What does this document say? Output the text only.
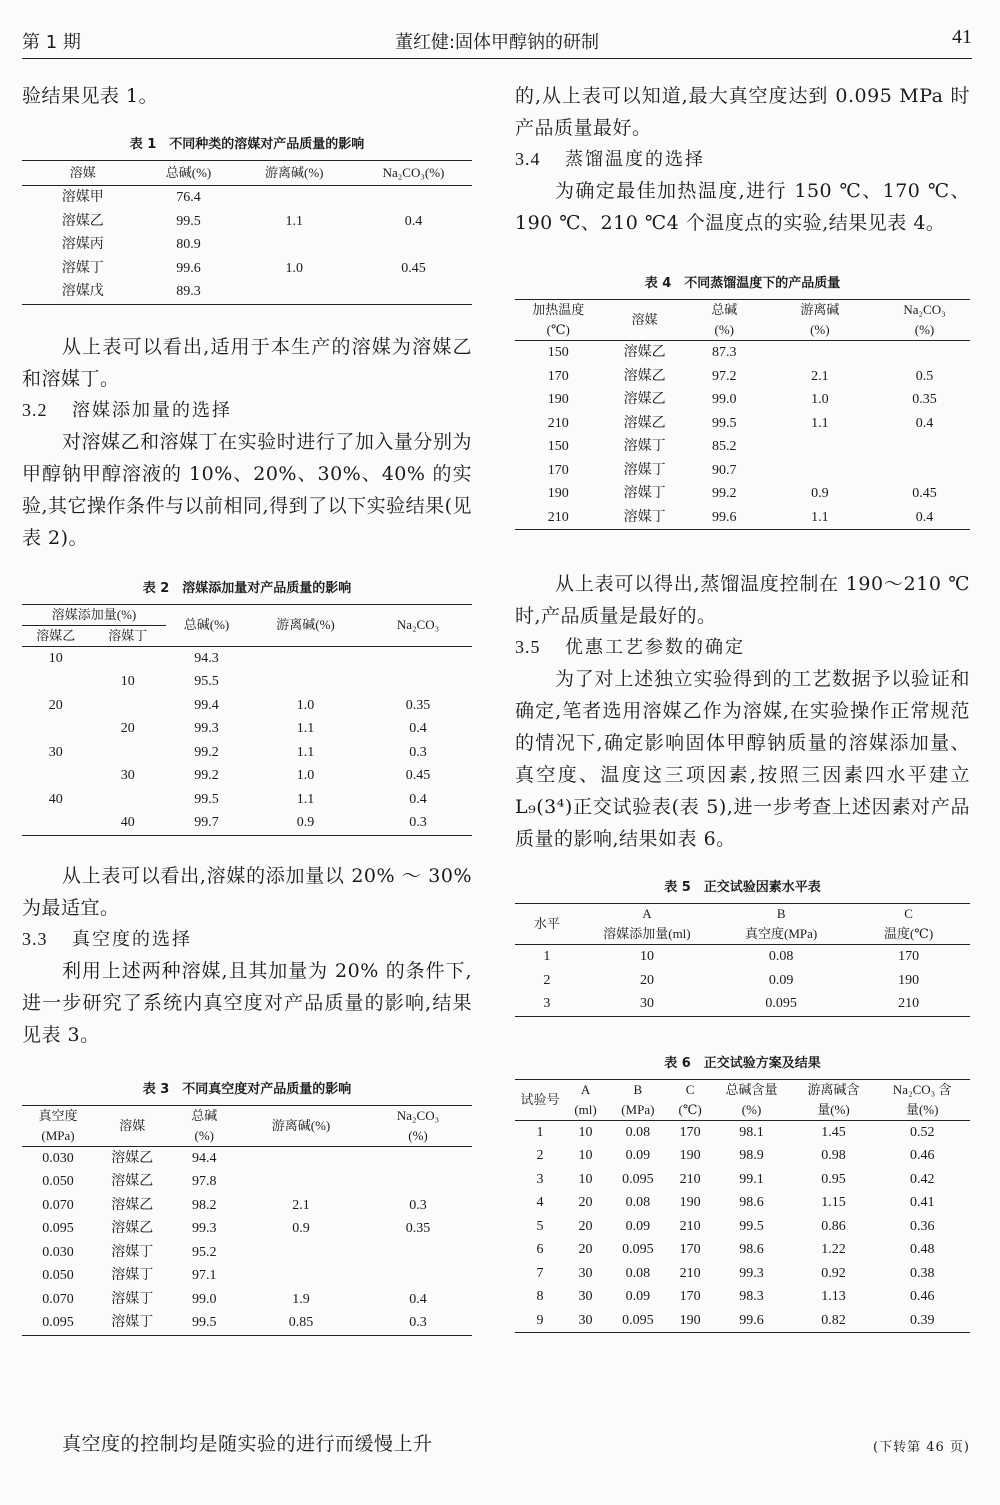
第 1 期	董红健:固体甲醇钠的研制	41

验结果见表 1。

表 1　不同种类的溶媒对产品质量的影响

溶媒	总碱(%)	游离碱(%)	Na₂CO₃(%)
溶媒甲	76.4		
溶媒乙	99.5	1.1	0.4
溶媒丙	80.9		
溶媒丁	99.6	1.0	0.45
溶媒戊	89.3		

从上表可以看出,适用于本生产的溶媒为溶媒乙和溶媒丁。

3.2 溶媒添加量的选择

对溶媒乙和溶媒丁在实验时进行了加入量分别为甲醇钠甲醇溶液的 10%、20%、30%、40% 的实验,其它操作条件与以前相同,得到了以下实验结果(见表 2)。

表 2　溶媒添加量对产品质量的影响

溶媒添加量(%)		总碱(%)	游离碱(%)	Na₂CO₃
溶媒乙	溶媒丁			
10		94.3		
	10	95.5		
20		99.4	1.0	0.35
	20	99.3	1.1	0.4
30		99.2	1.1	0.3
	30	99.2	1.0	0.45
40		99.5	1.1	0.4
	40	99.7	0.9	0.3

从上表可以看出,溶媒的添加量以 20% ～ 30% 为最适宜。

3.3 真空度的选择

利用上述两种溶媒,且其加量为 20% 的条件下,进一步研究了系统内真空度对产品质量的影响,结果见表 3。

表 3　不同真空度对产品质量的影响

真空度	溶媒	总碱	游离碱(%)	Na₂CO₃
(MPa)		(%)		(%)
0.030	溶媒乙	94.4		
0.050	溶媒乙	97.8		
0.070	溶媒乙	98.2	2.1	0.3
0.095	溶媒乙	99.3	0.9	0.35
0.030	溶媒丁	95.2		
0.050	溶媒丁	97.1		
0.070	溶媒丁	99.0	1.9	0.4
0.095	溶媒丁	99.5	0.85	0.3

真空度的控制均是随实验的进行而缓慢上升

的,从上表可以知道,最大真空度达到 0.095 MPa 时产品质量最好。

3.4 蒸馏温度的选择

为确定最佳加热温度,进行 150 ℃、170 ℃、190 ℃、210 ℃4 个温度点的实验,结果见表 4。

表 4　不同蒸馏温度下的产品质量

加热温度	溶媒	总碱	游离碱	Na₂CO₃
(℃)		(%)	(%)	(%)
150	溶媒乙	87.3		
170	溶媒乙	97.2	2.1	0.5
190	溶媒乙	99.0	1.0	0.35
210	溶媒乙	99.5	1.1	0.4
150	溶媒丁	85.2		
170	溶媒丁	90.7		
190	溶媒丁	99.2	0.9	0.45
210	溶媒丁	99.6	1.1	0.4

从上表可以得出,蒸馏温度控制在 190～210 ℃时,产品质量是最好的。

3.5 优惠工艺参数的确定

为了对上述独立实验得到的工艺数据予以验证和确定,笔者选用溶媒乙作为溶媒,在实验操作正常规范的情况下,确定影响固体甲醇钠质量的溶媒添加量、真空度、温度这三项因素,按照三因素四水平建立 L₉(3⁴)正交试验表(表 5),进一步考查上述因素对产品质量的影响,结果如表 6。

表 5　正交试验因素水平表

水平	A	B	C
	溶媒添加量(ml)	真空度(MPa)	温度(℃)
1	10	0.08	170
2	20	0.09	190
3	30	0.095	210

表 6　正交试验方案及结果

试验号	A	B	C	总碱含量	游离碱含	Na₂CO₃ 含
	(ml)	(MPa)	(℃)	(%)	量(%)	量(%)
1	10	0.08	170	98.1	1.45	0.52
2	10	0.09	190	98.9	0.98	0.46
3	10	0.095	210	99.1	0.95	0.42
4	20	0.08	190	98.6	1.15	0.41
5	20	0.09	210	99.5	0.86	0.36
6	20	0.095	170	98.6	1.22	0.48
7	30	0.08	210	99.3	0.92	0.38
8	30	0.09	170	98.3	1.13	0.46
9	30	0.095	190	99.6	0.82	0.39
(下转第 46 页)
